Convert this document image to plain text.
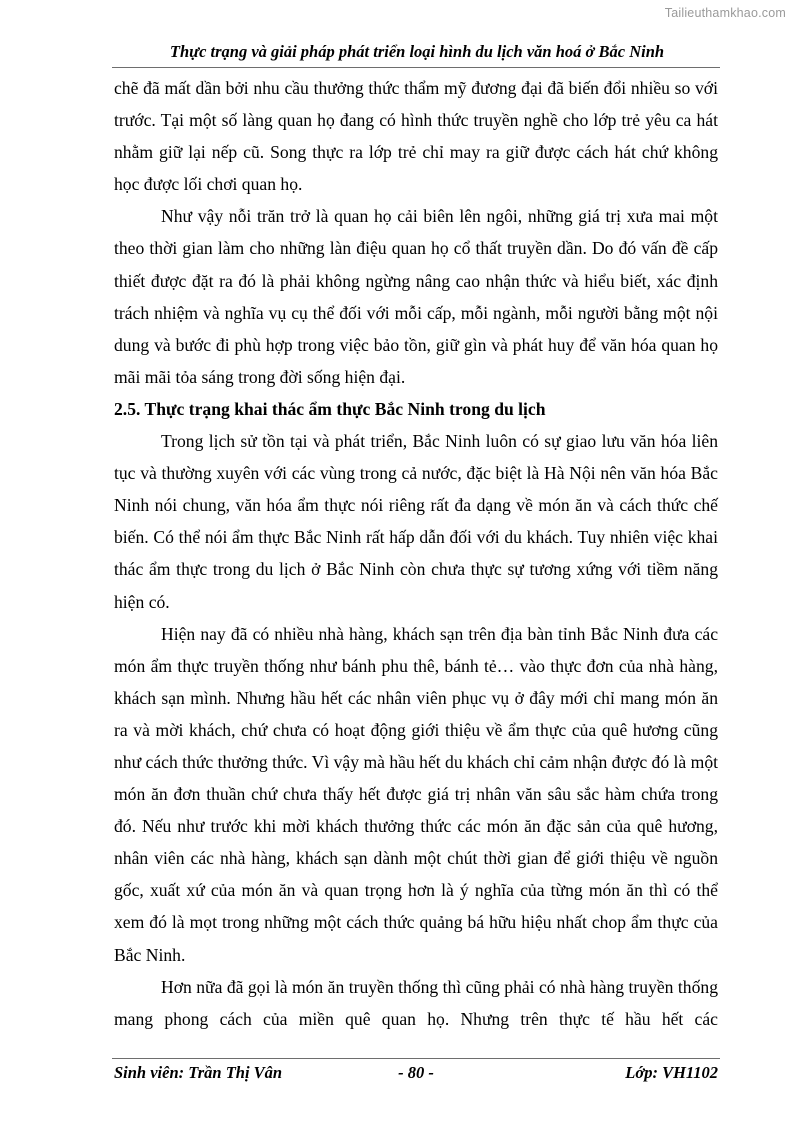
Tailieuthamkhao.com
Thực trạng và giải pháp phát triển loại hình du lịch văn hoá ở Bắc Ninh

chẽ đã mất dần bởi nhu cầu thưởng thức thẩm mỹ đương đại đã biến đổi nhiều so với trước. Tại một số làng quan họ đang có hình thức truyền nghề cho lớp trẻ yêu ca hát nhằm giữ lại nếp cũ. Song thực ra lớp trẻ chỉ may ra giữ được cách hát chứ không học được lối chơi quan họ.

Như vậy nỗi trăn trở là quan họ cải biên lên ngôi, những giá trị xưa mai một theo thời gian làm cho những làn điệu quan họ cổ thất truyền dần. Do đó vấn đề cấp thiết được đặt ra đó là phải không ngừng nâng cao nhận thức và hiểu biết, xác định trách nhiệm và nghĩa vụ cụ thể đối với mỗi cấp, mỗi ngành, mỗi người bằng một nội dung và bước đi phù hợp trong việc bảo tồn, giữ gìn và phát huy để văn hóa quan họ mãi mãi tỏa sáng trong đời sống hiện đại.

2.5. Thực trạng khai thác ẩm thực Bắc Ninh trong du lịch

Trong lịch sử tồn tại và phát triển, Bắc Ninh luôn có sự giao lưu văn hóa liên tục và thường xuyên với các vùng trong cả nước, đặc biệt là Hà Nội nên văn hóa Bắc Ninh nói chung, văn hóa ẩm thực nói riêng rất đa dạng về món ăn và cách thức chế biến. Có thể nói ẩm thực Bắc Ninh rất hấp dẫn đối với du khách. Tuy nhiên việc khai thác ẩm thực trong du lịch ở Bắc Ninh còn chưa thực sự tương xứng với tiềm năng hiện có.

Hiện nay đã có nhiều nhà hàng, khách sạn trên địa bàn tỉnh Bắc Ninh đưa các món ẩm thực truyền thống như bánh phu thê, bánh tẻ… vào thực đơn của nhà hàng, khách sạn mình. Nhưng hầu hết các nhân viên phục vụ ở đây mới chỉ mang món ăn ra và mời khách, chứ chưa có hoạt động giới thiệu về ẩm thực của quê hương cũng như cách thức thưởng thức. Vì vậy mà hầu hết du khách chỉ cảm nhận được đó là một món ăn đơn thuần chứ chưa thấy hết được giá trị nhân văn sâu sắc hàm chứa trong đó. Nếu như trước khi mời khách thưởng thức các món ăn đặc sản của quê hương, nhân viên các nhà hàng, khách sạn dành một chút thời gian để giới thiệu về nguồn gốc, xuất xứ của món ăn và quan trọng hơn là ý nghĩa của từng món ăn thì có thể xem đó là mọt trong những một cách thức quảng bá hữu hiệu nhất chop ẩm thực của Bắc Ninh.

Hơn nữa đã gọi là món ăn truyền thống thì cũng phải có nhà hàng truyền thống mang phong cách của miền quê quan họ. Nhưng trên thực tế hầu hết các

Sinh viên: Trần Thị Vân	- 80 -	Lớp: VH1102
